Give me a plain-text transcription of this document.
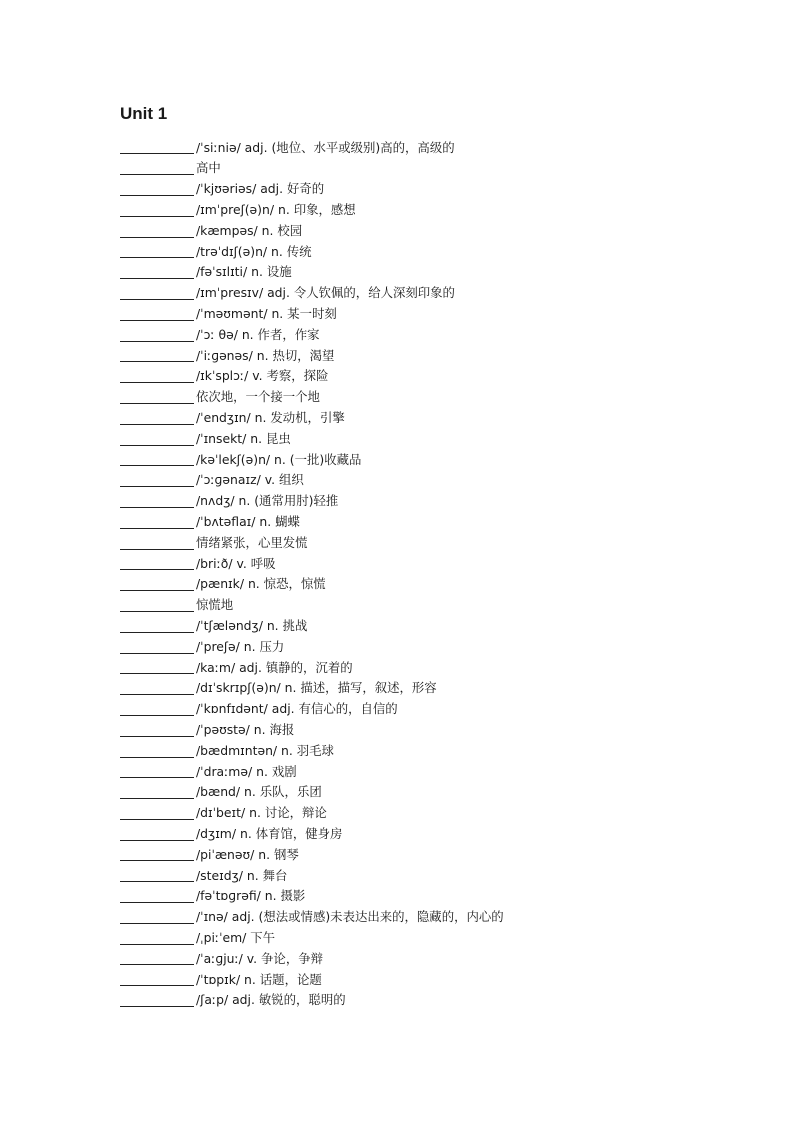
Unit 1
/ˈsiːniə/ adj. (地位、水平或级别)高的，高级的
高中
/ˈkjʊəriəs/ adj. 好奇的
/ɪmˈpreʃ(ə)n/ n. 印象，感想
/kæmpəs/ n. 校园
/trəˈdɪʃ(ə)n/ n. 传统
/fəˈsɪlɪti/ n. 设施
/ɪmˈpresɪv/ adj. 令人钦佩的，给人深刻印象的
/ˈməʊmənt/ n. 某一时刻
/ˈɔː θə/ n. 作者，作家
/ˈiːɡənəs/ n. 热切，渴望
/ɪkˈsplɔː/ v. 考察，探险
依次地，一个接一个地
/ˈendʒɪn/ n. 发动机，引擎
/ˈɪnsekt/ n. 昆虫
/kəˈlekʃ(ə)n/ n. (一批)收藏品
/ˈɔːɡənaɪz/ v. 组织
/nʌdʒ/ n. (通常用肘)轻推
/ˈbʌtəflaɪ/ n. 蝴蝶
情绪紧张，心里发慌
/briːð/ v. 呼吸
/pænɪk/ n. 惊恐，惊慌
惊慌地
/ˈtʃæləndʒ/ n. 挑战
/ˈpreʃə/ n. 压力
/kaːm/ adj. 镇静的，沉着的
/dɪˈskrɪpʃ(ə)n/ n. 描述，描写，叙述，形容
/ˈkɒnfɪdənt/ adj. 有信心的，自信的
/ˈpəʊstə/ n. 海报
/bædmɪntən/ n. 羽毛球
/ˈdraːmə/ n. 戏剧
/bænd/ n. 乐队，乐团
/dɪˈbeɪt/ n. 讨论，辩论
/dʒɪm/ n. 体育馆，健身房
/piˈænəʊ/ n. 钢琴
/steɪdʒ/ n. 舞台
/fəˈtɒɡrəfi/ n. 摄影
/ˈɪnə/ adj. (想法或情感)未表达出来的，隐藏的，内心的
/ˌpiːˈem/ 下午
/ˈaːɡjuː/ v. 争论，争辩
/ˈtɒpɪk/ n. 话题，论题
/ʃaːp/ adj. 敏锐的，聪明的
